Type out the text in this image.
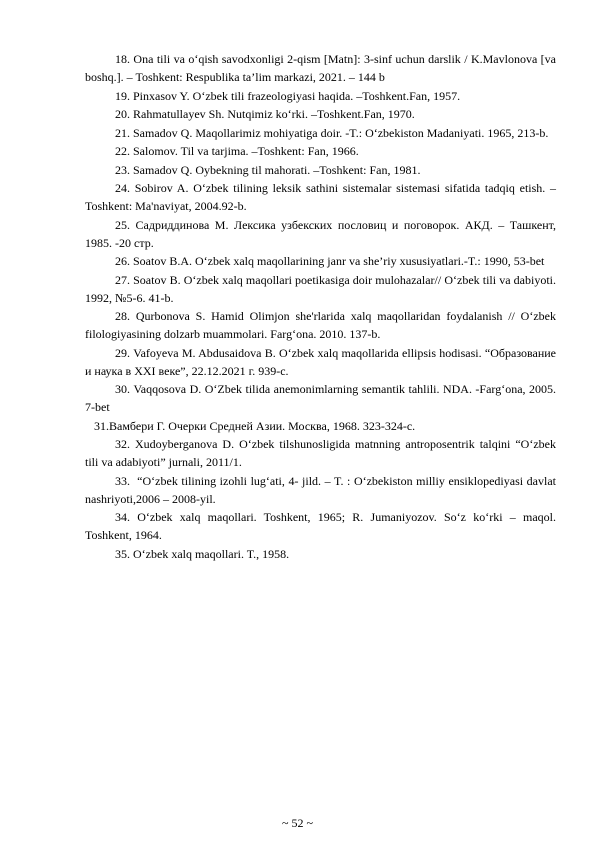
18. Ona tili va o‘qish savodxonligi 2-qism [Matn]: 3-sinf uchun darslik / K.Mavlonova [va boshq.]. – Toshkent: Respublika ta’lim markazi, 2021. – 144 b

19. Pinxasov Y. O‘zbek tili frazeologiyasi haqida. –Toshkent.Fan, 1957.

20. Rahmatullayev Sh. Nutqimiz ko‘rki. –Toshkent.Fan, 1970.

21. Samadov Q. Maqollarimiz mohiyatiga doir. -T.: O‘zbekiston Madaniyati. 1965, 213-b.

22. Salomov. Til va tarjima. –Toshkent: Fan, 1966.

23. Samadov Q. Oybekning til mahorati. –Toshkent: Fan, 1981.

24. Sobirov A. O‘zbek tilining leksik sathini sistemalar sistemasi sifatida tadqiq etish. –Toshkent: Ma'naviyat, 2004.92-b.

25. Садриддинова М. Лексика узбекских пословиц и поговорок. АКД. – Ташкент, 1985. -20 стр.

26. Soatov B.A. O‘zbek xalq maqollarining janr va she’riy xususiyatlari.-T.: 1990, 53-bet

27. Soatov B. O‘zbek xalq maqollari poetikasiga doir mulohazalar// O‘zbek tili va dabiyoti. 1992, №5-6. 41-b.

28. Qurbonova S. Hamid Olimjon she'rlarida xalq maqollaridan foydalanish // O‘zbek filologiyasining dolzarb muammolari. Farg‘ona. 2010. 137-b.

29. Vafoyeva M. Abdusaidova B. O‘zbek xalq maqollarida ellipsis hodisasi. “Образование и наука в XXI веке”, 22.12.2021 г. 939-с.

30. Vaqqosova D. O‘Zbek tilida anemonimlarning semantik tahlili. NDA. -Farg‘ona, 2005. 7-bet

31.Вамбери Г. Очерки Средней Азии. Москва, 1968. 323-324-с.

32. Xudoyberganova D. O‘zbek tilshunosligida matnning antroposentrik talqini “O‘zbek tili va adabiyoti” jurnali, 2011/1.

33.  “O‘zbek tilining izohli lug‘ati, 4- jild. – T. : O‘zbekiston milliy ensiklopediyasi davlat nashriyoti,2006 – 2008-yil.

34. O‘zbek xalq maqollari. Toshkent, 1965; R. Jumaniyozov. So‘z ko‘rki – maqol. Toshkent, 1964.

35. O‘zbek xalq maqollari. T., 1958.

~ 52 ~
